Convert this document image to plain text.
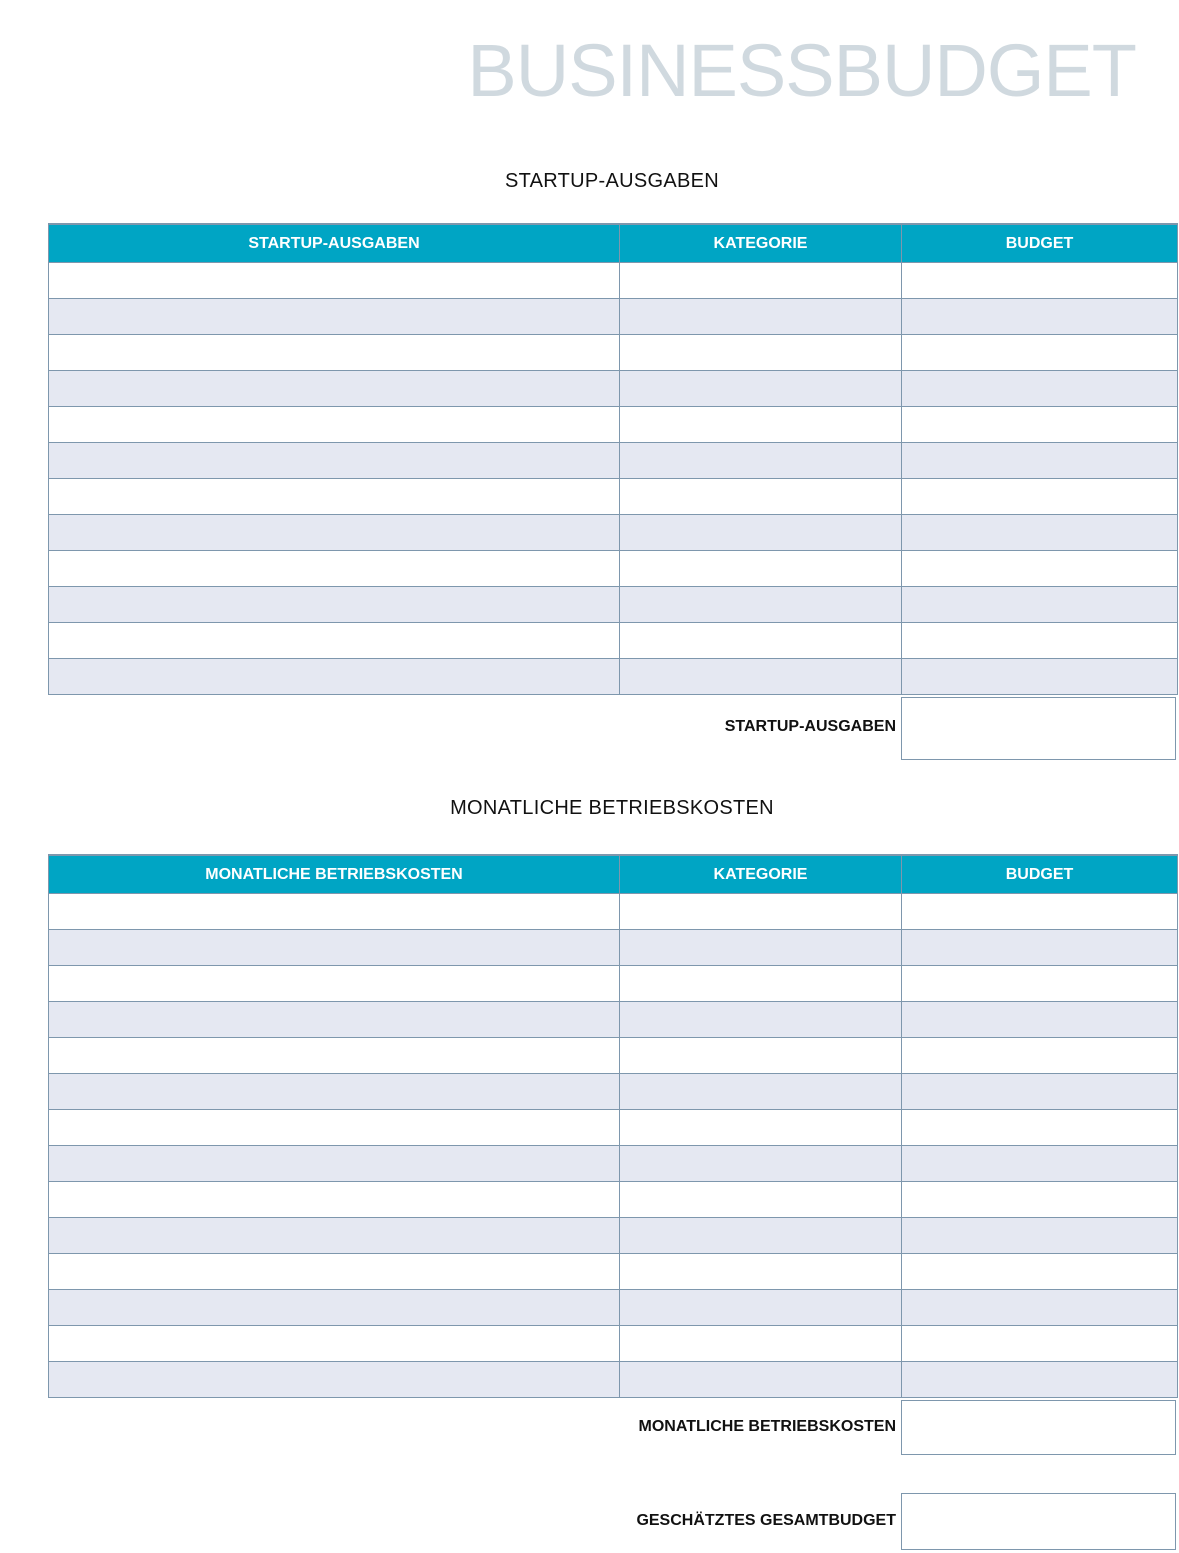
BUSINESSBUDGET
STARTUP-AUSGABEN
STARTUP-AUSGABEN	KATEGORIE	BUDGET

STARTUP-AUSGABEN
MONATLICHE BETRIEBSKOSTEN
MONATLICHE BETRIEBSKOSTEN	KATEGORIE	BUDGET

MONATLICHE BETRIEBSKOSTEN
GESCHÄTZTES GESAMTBUDGET
